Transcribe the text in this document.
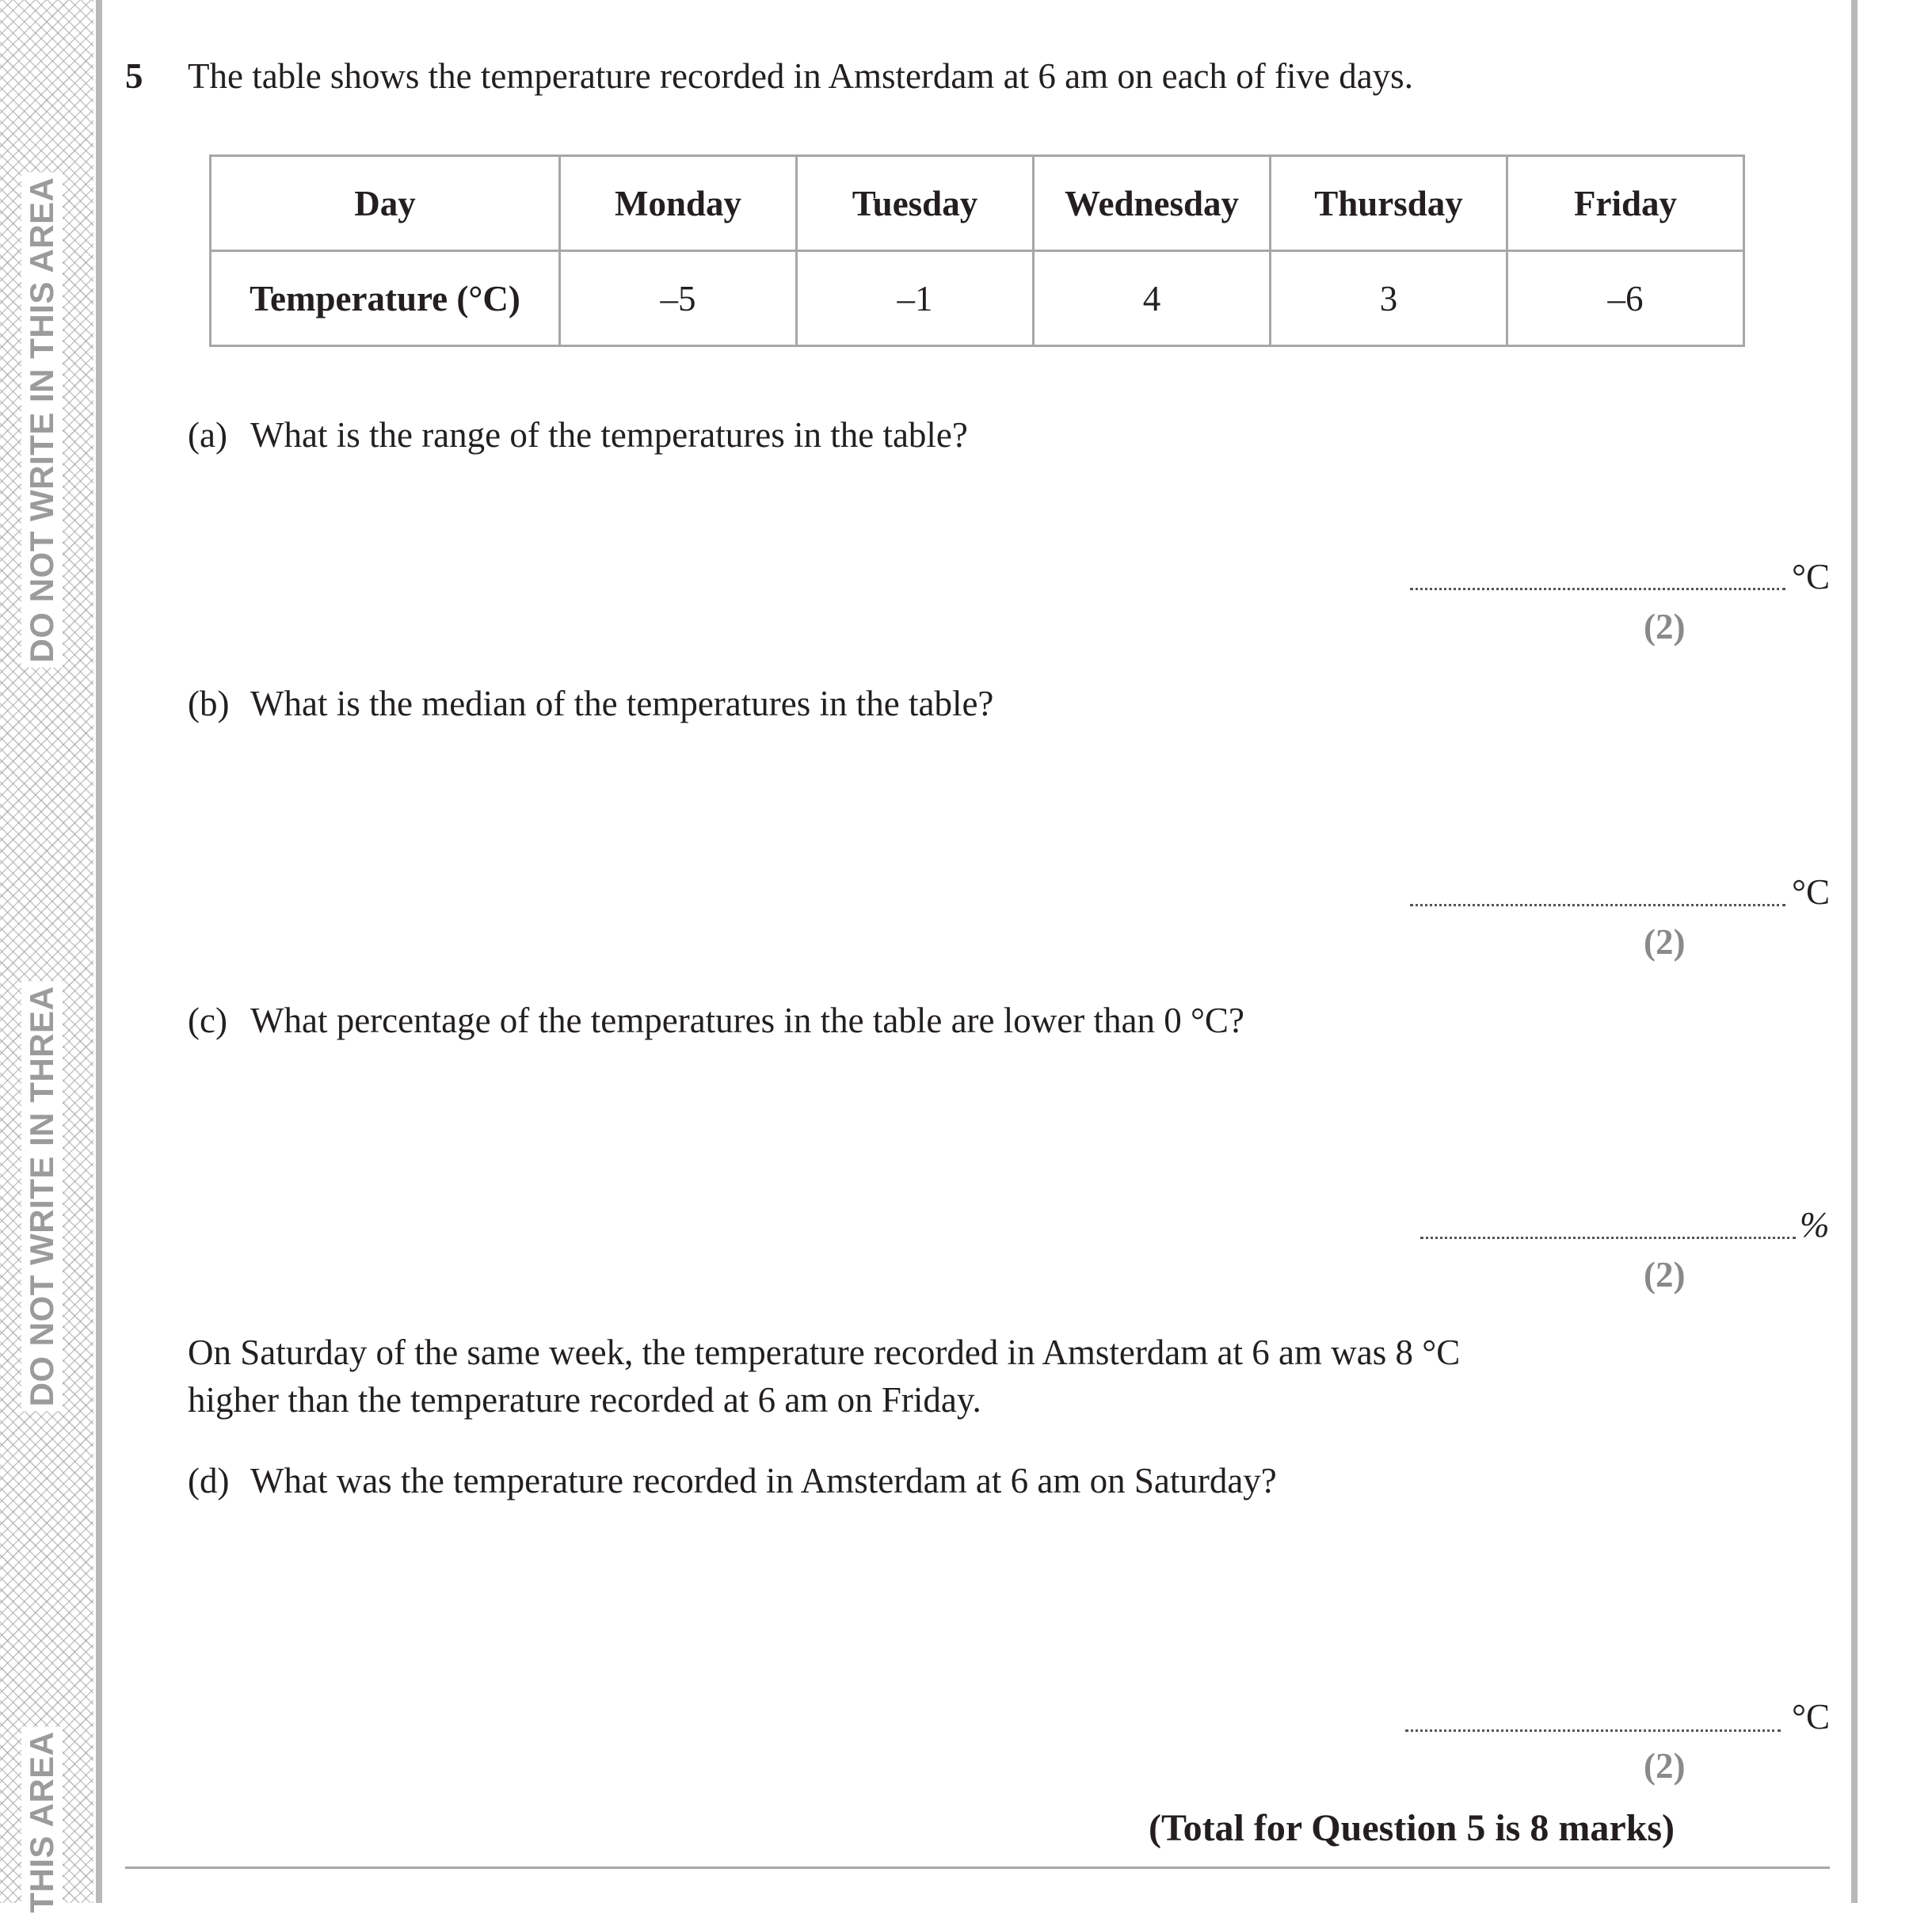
DO NOT WRITE IN THIS AREA
DO NOT WRITE IN THREA
THIS AREA
5 The table shows the temperature recorded in Amsterdam at 6 am on each of five days.
Day	Monday	Tuesday	Wednesday	Thursday	Friday
Temperature (°C)	–5	–1	4	3	–6
(a) What is the range of the temperatures in the table?
°C
(2)
(b) What is the median of the temperatures in the table?
°C
(2)
(c) What percentage of the temperatures in the table are lower than 0 °C?
%
(2)
On Saturday of the same week, the temperature recorded in Amsterdam at 6 am was 8 °C
higher than the temperature recorded at 6 am on Friday.
(d) What was the temperature recorded in Amsterdam at 6 am on Saturday?
°C
(2)
(Total for Question 5 is 8 marks)
